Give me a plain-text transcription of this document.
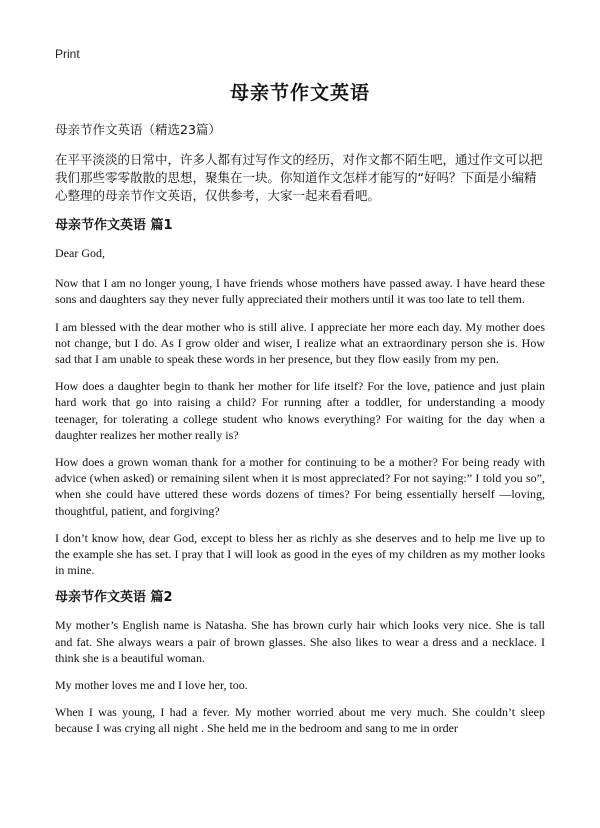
Print
母亲节作文英语

母亲节作文英语（精选23篇）

在平平淡淡的日常中，许多人都有过写作文的经历，对作文都不陌生吧，通过作文可以把我们那些零零散散的思想，聚集在一块。你知道作文怎样才能写的“好吗？下面是小编精心整理的母亲节作文英语，仅供参考，大家一起来看看吧。

母亲节作文英语 篇1

Dear God,

Now that I am no longer young, I have friends whose mothers have passed away. I have heard these sons and daughters say they never fully appreciated their mothers until it was too late to tell them.

I am blessed with the dear mother who is still alive. I appreciate her more each day. My mother does not change, but I do. As I grow older and wiser, I realize what an extraordinary person she is. How sad that I am unable to speak these words in her presence, but they flow easily from my pen.

How does a daughter begin to thank her mother for life itself? For the love, patience and just plain hard work that go into raising a child? For running after a toddler, for understanding a moody teenager, for tolerating a college student who knows everything? For waiting for the day when a daughter realizes her mother really is?

How does a grown woman thank for a mother for continuing to be a mother? For being ready with advice (when asked) or remaining silent when it is most appreciated? For not saying:” I told you so”, when she could have uttered these words dozens of times? For being essentially herself —loving, thoughtful, patient, and forgiving?

I don’t know how, dear God, except to bless her as richly as she deserves and to help me live up to the example she has set. I pray that I will look as good in the eyes of my children as my mother looks in mine.

母亲节作文英语 篇2

My mother’s English name is Natasha. She has brown curly hair which looks very nice. She is tall and fat. She always wears a pair of brown glasses. She also likes to wear a dress and a necklace. I think she is a beautiful woman.

My mother loves me and I love her, too.

When I was young, I had a fever. My mother worried about me very much. She couldn’t sleep because I was crying all night . She held me in the bedroom and sang to me in order
